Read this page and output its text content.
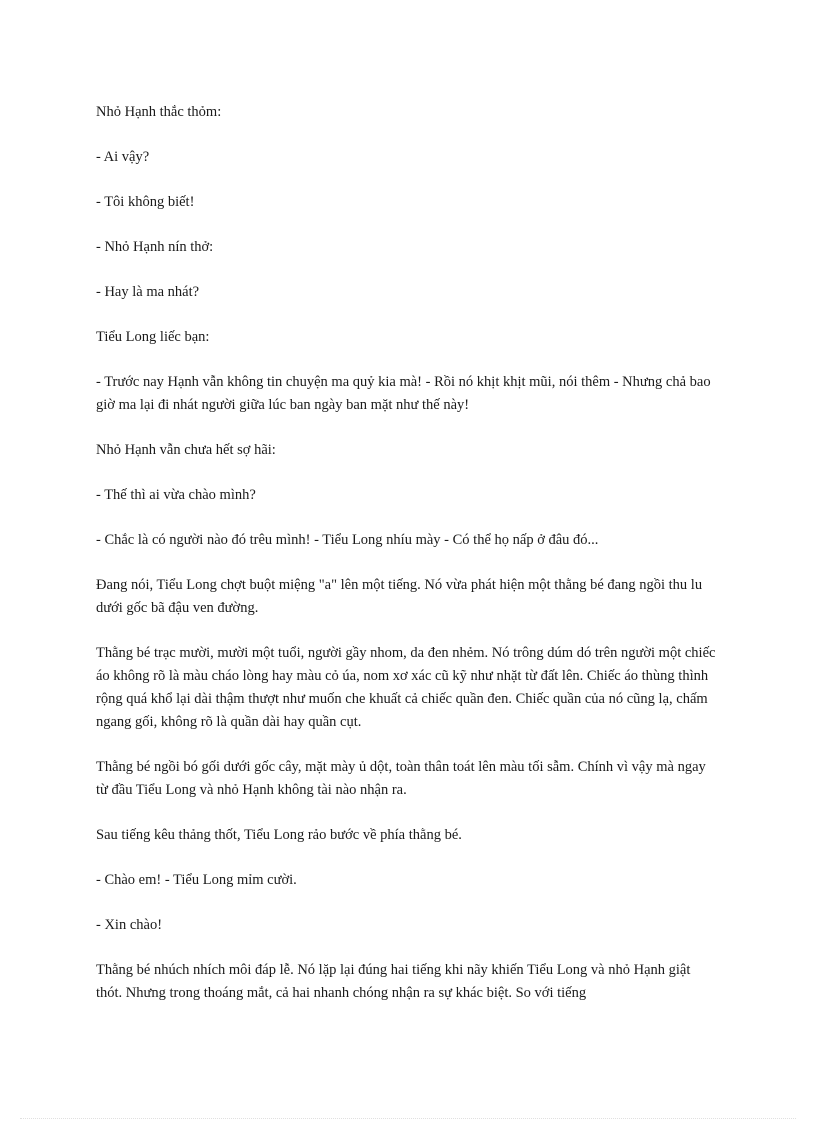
Nhỏ Hạnh thắc thỏm:

- Ai vậy?

- Tôi không biết!

- Nhỏ Hạnh nín thở:

- Hay là ma nhát?

Tiểu Long liếc bạn:

- Trước nay Hạnh vẫn không tin chuyện ma quỷ kia mà! - Rồi nó khịt khịt mũi, nói thêm - Nhưng chả bao giờ ma lại đi nhát người giữa lúc ban ngày ban mặt như thế này!

Nhỏ Hạnh vẫn chưa hết sợ hãi:

- Thế thì ai vừa chào mình?

- Chắc là có người nào đó trêu mình! - Tiểu Long nhíu mày - Có thể họ nấp ở đâu đó...

Đang nói, Tiểu Long chợt buột miệng "a" lên một tiếng. Nó vừa phát hiện một thằng bé đang ngồi thu lu dưới gốc bã đậu ven đường.

Thằng bé trạc mười, mười một tuổi, người gầy nhom, da đen nhẻm. Nó trông dúm dó trên người một chiếc áo không rõ là màu cháo lòng hay màu cỏ úa, nom xơ xác cũ kỹ như nhặt từ đất lên. Chiếc áo thùng thình rộng quá khổ lại dài thậm thượt như muốn che khuất cả chiếc quần đen. Chiếc quần của nó cũng lạ, chấm ngang gối, không rõ là quần dài hay quần cụt.

Thằng bé ngồi bó gối dưới gốc cây, mặt mày ủ dột, toàn thân toát lên màu tối sẫm. Chính vì vậy mà ngay từ đầu Tiểu Long và nhỏ Hạnh không tài nào nhận ra.

Sau tiếng kêu thảng thốt, Tiểu Long rảo bước về phía thằng bé.

- Chào em! - Tiểu Long mỉm cười.

- Xin chào!

Thằng bé nhúch nhích môi đáp lễ. Nó lặp lại đúng hai tiếng khi nãy khiến Tiểu Long và nhỏ Hạnh giật thót. Nhưng trong thoáng mắt, cả hai nhanh chóng nhận ra sự khác biệt. So với tiếng
